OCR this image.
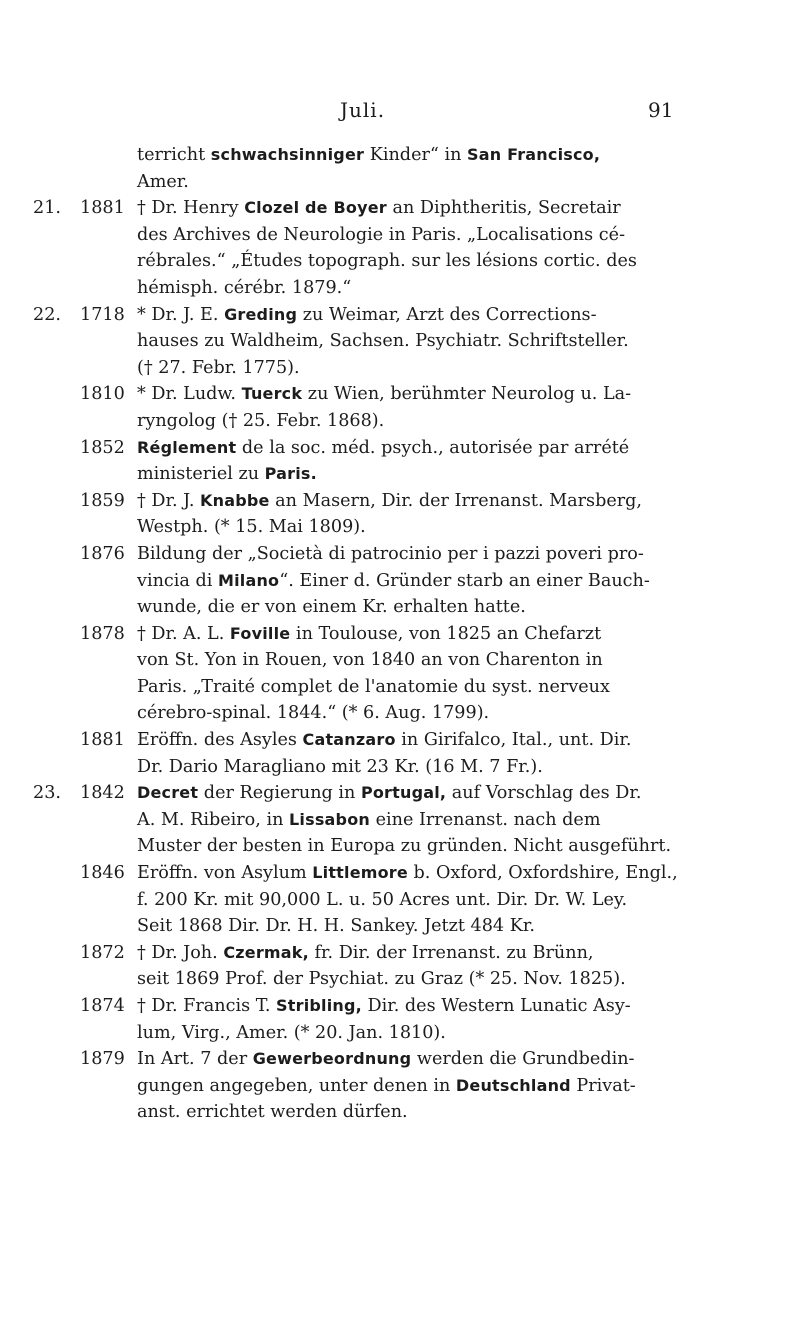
Juli.	91
terricht schwachsinniger Kinder“ in San Francisco,
Amer.
21. 1881 † Dr. Henry Clozel de Boyer an Diphtheritis, Secretair
des Archives de Neurologie in Paris. „Localisations cé-
rébrales.“ „Études topograph. sur les lésions cortic. des
hémisph. cérébr. 1879.“
22. 1718 * Dr. J. E. Greding zu Weimar, Arzt des Corrections-
hauses zu Waldheim, Sachsen. Psychiatr. Schriftsteller.
(† 27. Febr. 1775).
1810 * Dr. Ludw. Tuerck zu Wien, berühmter Neurolog u. La-
ryngolog († 25. Febr. 1868).
1852 Réglement de la soc. méd. psych., autorisée par arrété
ministeriel zu Paris.
1859 † Dr. J. Knabbe an Masern, Dir. der Irrenanst. Marsberg,
Westph. (* 15. Mai 1809).
1876 Bildung der „Società di patrocinio per i pazzi poveri pro-
vincia di Milano“. Einer d. Gründer starb an einer Bauch-
wunde, die er von einem Kr. erhalten hatte.
1878 † Dr. A. L. Foville in Toulouse, von 1825 an Chefarzt
von St. Yon in Rouen, von 1840 an von Charenton in
Paris. „Traité complet de l'anatomie du syst. nerveux
cérebro-spinal. 1844.“ (* 6. Aug. 1799).
1881 Eröffn. des Asyles Catanzaro in Girifalco, Ital., unt. Dir.
Dr. Dario Maragliano mit 23 Kr. (16 M. 7 Fr.).
23. 1842 Decret der Regierung in Portugal, auf Vorschlag des Dr.
A. M. Ribeiro, in Lissabon eine Irrenanst. nach dem
Muster der besten in Europa zu gründen. Nicht ausgeführt.
1846 Eröffn. von Asylum Littlemore b. Oxford, Oxfordshire, Engl.,
f. 200 Kr. mit 90,000 L. u. 50 Acres unt. Dir. Dr. W. Ley.
Seit 1868 Dir. Dr. H. H. Sankey. Jetzt 484 Kr.
1872 † Dr. Joh. Czermak, fr. Dir. der Irrenanst. zu Brünn,
seit 1869 Prof. der Psychiat. zu Graz (* 25. Nov. 1825).
1874 † Dr. Francis T. Stribling, Dir. des Western Lunatic Asy-
lum, Virg., Amer. (* 20. Jan. 1810).
1879 In Art. 7 der Gewerbeordnung werden die Grundbedin-
gungen angegeben, unter denen in Deutschland Privat-
anst. errichtet werden dürfen.
